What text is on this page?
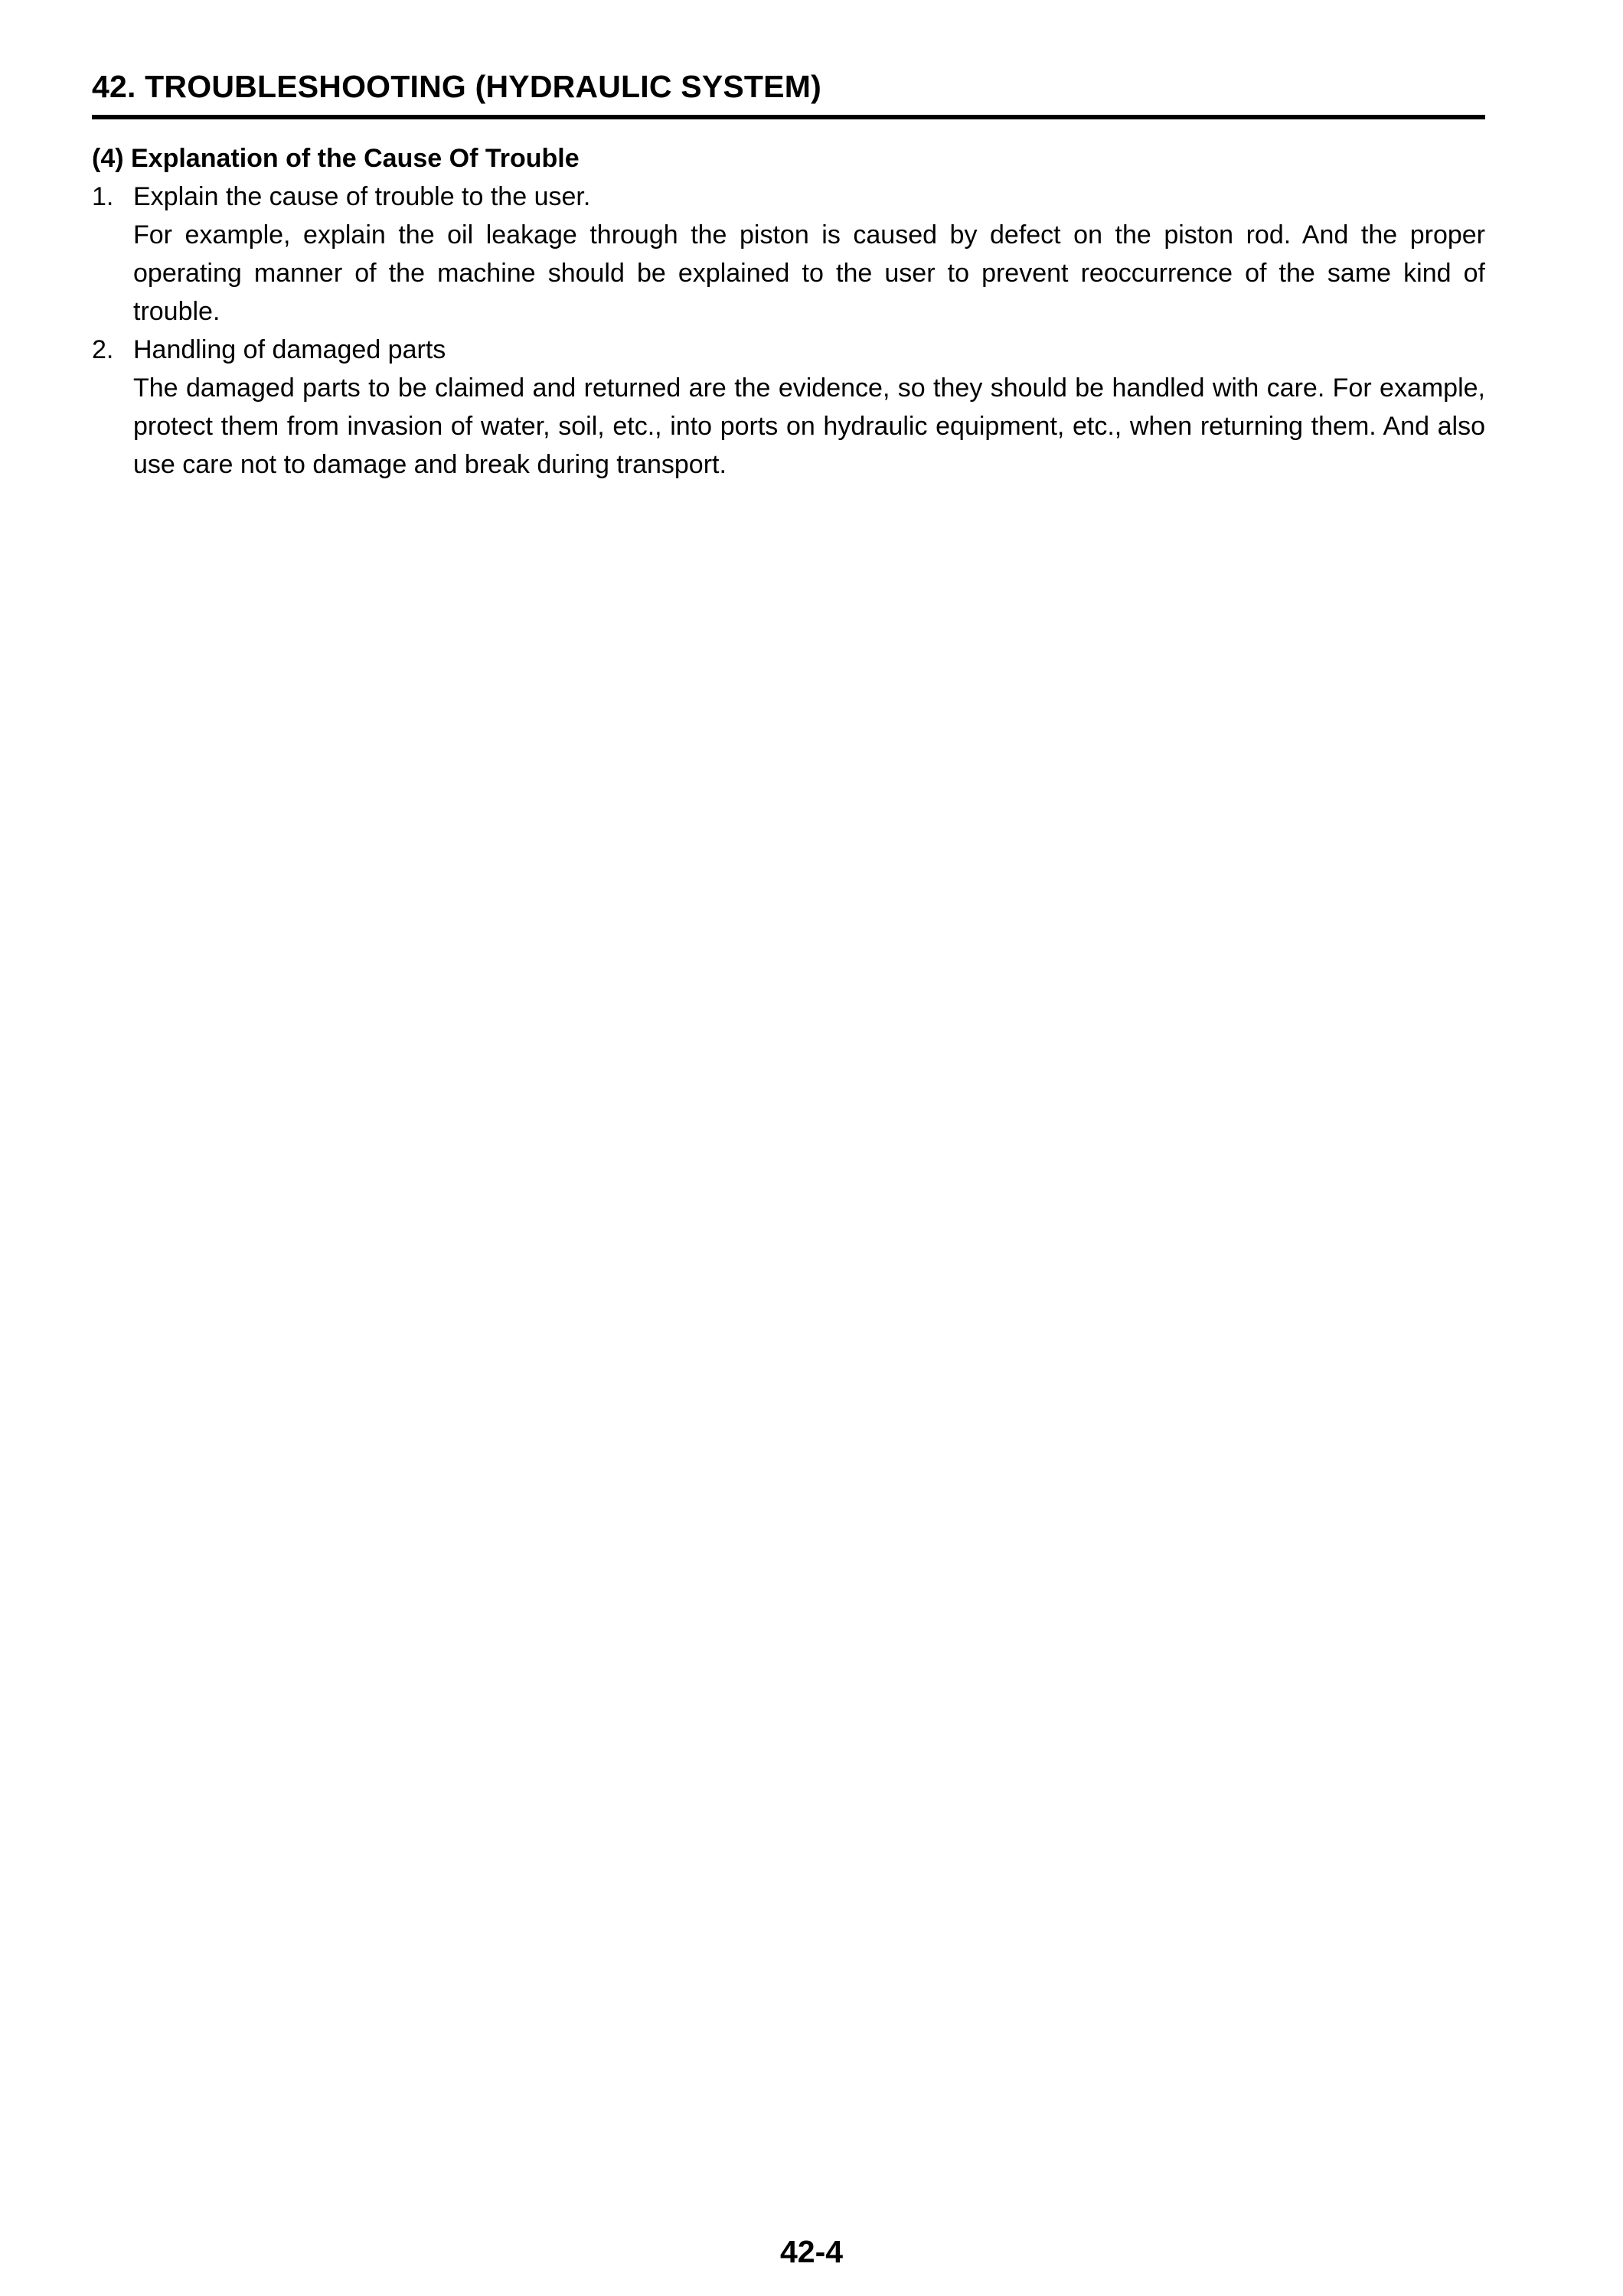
42. TROUBLESHOOTING (HYDRAULIC SYSTEM)
(4) Explanation of the Cause Of Trouble
1. Explain the cause of trouble to the user.
For example, explain the oil leakage through the piston is caused by defect on the piston rod. And the proper operating manner of the machine should be explained to the user to prevent reoccurrence of the same kind of trouble.
2. Handling of damaged parts
The damaged parts to be claimed and returned are the evidence, so they should be handled with care. For example, protect them from invasion of water, soil, etc., into ports on hydraulic equipment, etc., when returning them. And also use care not to damage and break during transport.
42-4
